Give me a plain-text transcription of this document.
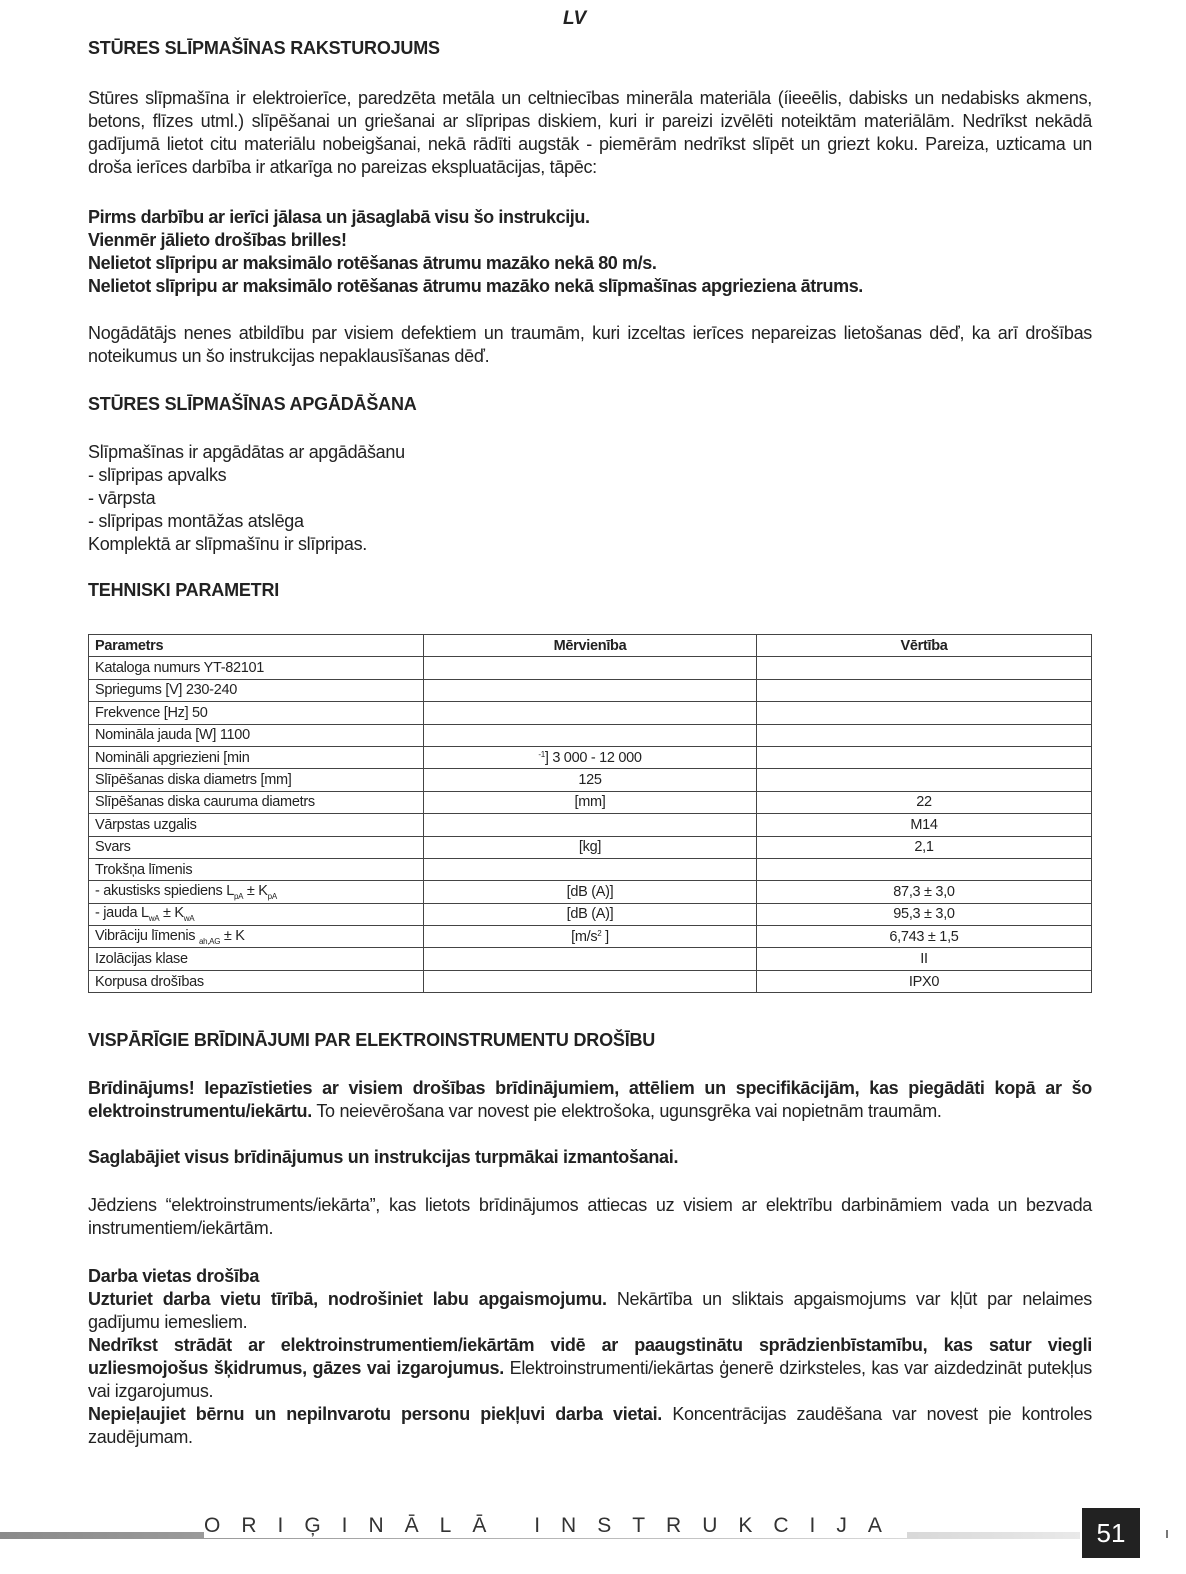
LV
STŪRES SLĪPMAŠĪNAS RAKSTUROJUMS
Stūres slīpmašīna ir elektroierīce, paredzēta metāla un celtniecības minerāla materiāla (íieeēlis, dabisks un nedabisks akmens, betons, flīzes utml.) slīpēšanai un griešanai ar slīpripas diskiem, kuri ir pareizi izvēlēti noteiktām materiālām. Nedrīkst nekādā gadījumā lietot citu materiālu nobeigšanai, nekā rādīti augstāk - piemērām nedrīkst slīpēt un griezt koku. Pareiza, uzticama un droša ierīces darbība ir atkarīga no pareizas ekspluatācijas, tāpēc:
Pirms darbību ar ierīci jālasa un jāsaglabā visu šo instrukciju.
Vienmēr jālieto drošības brilles!
Nelietot slīpripu ar maksimālo rotēšanas ātrumu mazāko nekā 80 m/s.
Nelietot slīpripu ar maksimālo rotēšanas ātrumu mazāko nekā slīpmašīnas apgrieziena ātrums.
Nogādātājs nenes atbildību par visiem defektiem un traumām, kuri izceltas ierīces nepareizas lietošanas dēď, ka arī drošības noteikumus un šo instrukcijas nepaklausīšanas dēď.
STŪRES SLĪPMAŠĪNAS APGĀDĀŠANA
Slīpmašīnas ir apgādātas ar apgādāšanu
- slīpripas apvalks
- vārpsta
- slīpripas montāžas atslēga
Komplektā ar slīpmašīnu ir slīpripas.
TEHNISKI PARAMETRI
Parametrs	Mērvienība	Vērtība
Kataloga numurs YT-82101		
Spriegums [V] 230-240		
Frekvence [Hz] 50		
Nomināla jauda [W] 1100		
Nomināli apgriezieni [min	$^{-1}$] 3 000 - 12 000	
Slīpēšanas diska diametrs [mm]	125	
Slīpēšanas diska cauruma diametrs	[mm]	22
Vārpstas uzgalis		M14
Svars	[kg]	2,1
Trokšņa līmenis		
- akustisks spiediens $L_{pA} \pm K_{pA}$	[dB (A)]	87,3 ± 3,0
- jauda $L_{wA} \pm K_{wA}$	[dB (A)]	95,3 ± 3,0
Vibrāciju līmenis $_{ah,AG}$ ± K	[$m/s^2$ ]	6,743 ± 1,5
Izolācijas klase		II
Korpusa drošības		IPX0
VISPĀRĪGIE BRĪDINĀJUMI PAR ELEKTROINSTRUMENTU DROŠĪBU
Brīdinājums! Iepazīstieties ar visiem drošības brīdinājumiem, attēliem un specifikācijām, kas piegādāti kopā ar šo elektroinstrumentu/iekārtu. To neievērošana var novest pie elektrošoka, ugunsgrēka vai nopietnām traumām.
Saglabājiet visus brīdinājumus un instrukcijas turpmākai izmantošanai.
Jēdziens “elektroinstruments/iekārta”, kas lietots brīdinājumos attiecas uz visiem ar elektrību darbināmiem vada un bezvada instrumentiem/iekārtām.
Darba vietas drošība
Uzturiet darba vietu tīrībā, nodrošiniet labu apgaismojumu. Nekārtība un sliktais apgaismojums var kļūt par nelaimes gadījumu iemesliem.
Nedrīkst strādāt ar elektroinstrumentiem/iekārtām vidē ar paaugstinātu sprādzienbīstamību, kas satur viegli uzliesmojošus šķidrumus, gāzes vai izgarojumus. Elektroinstrumenti/iekārtas ģenerē dzirksteles, kas var aizdedzināt putekļus vai izgarojumus.
Nepieļaujiet bērnu un nepilnvarotu personu piekļuvi darba vietai. Koncentrācijas zaudēšana var novest pie kontroles zaudējumam.
ORIĢINĀLĀ INSTRUKCIJA	51
